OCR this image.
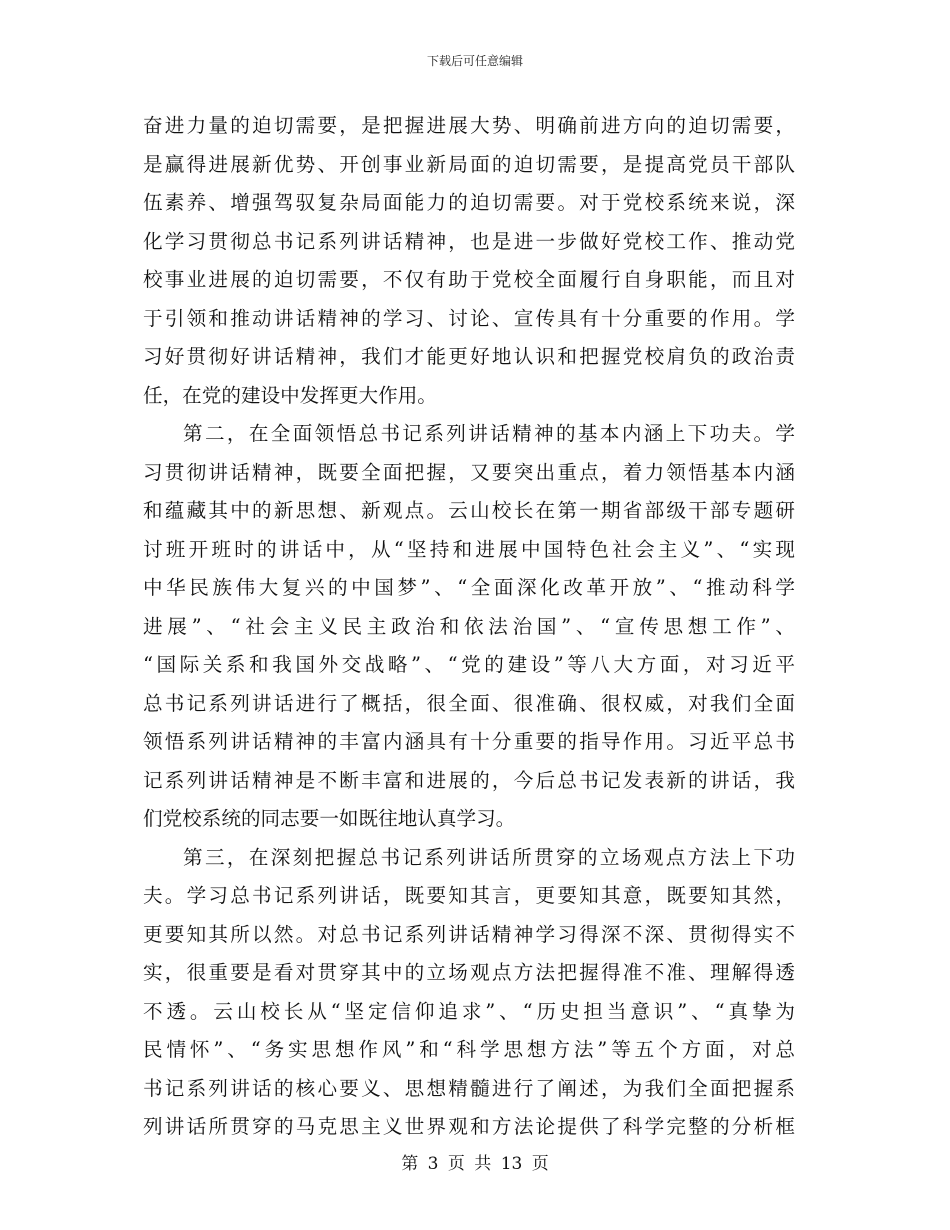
下载后可任意编辑
奋进力量的迫切需要，是把握进展大势、明确前进方向的迫切需要，
是赢得进展新优势、开创事业新局面的迫切需要，是提高党员干部队
伍素养、增强驾驭复杂局面能力的迫切需要。对于党校系统来说，深
化学习贯彻总书记系列讲话精神，也是进一步做好党校工作、推动党
校事业进展的迫切需要，不仅有助于党校全面履行自身职能，而且对
于引领和推动讲话精神的学习、讨论、宣传具有十分重要的作用。学
习好贯彻好讲话精神，我们才能更好地认识和把握党校肩负的政治责
任，在党的建设中发挥更大作用。
第二，在全面领悟总书记系列讲话精神的基本内涵上下功夫。学
习贯彻讲话精神，既要全面把握，又要突出重点，着力领悟基本内涵
和蕴藏其中的新思想、新观点。云山校长在第一期省部级干部专题研
讨班开班时的讲话中，从“坚持和进展中国特色社会主义”、“实现
中华民族伟大复兴的中国梦”、“全面深化改革开放”、“推动科学
进展”、“社会主义民主政治和依法治国”、“宣传思想工作”、
“国际关系和我国外交战略”、“党的建设”等八大方面，对习近平
总书记系列讲话进行了概括，很全面、很准确、很权威，对我们全面
领悟系列讲话精神的丰富内涵具有十分重要的指导作用。习近平总书
记系列讲话精神是不断丰富和进展的，今后总书记发表新的讲话，我
们党校系统的同志要一如既往地认真学习。
第三，在深刻把握总书记系列讲话所贯穿的立场观点方法上下功
夫。学习总书记系列讲话，既要知其言，更要知其意，既要知其然，
更要知其所以然。对总书记系列讲话精神学习得深不深、贯彻得实不
实，很重要是看对贯穿其中的立场观点方法把握得准不准、理解得透
不透。云山校长从“坚定信仰追求”、“历史担当意识”、“真挚为
民情怀”、“务实思想作风”和“科学思想方法”等五个方面，对总
书记系列讲话的核心要义、思想精髓进行了阐述，为我们全面把握系
列讲话所贯穿的马克思主义世界观和方法论提供了科学完整的分析框
第 3 页 共 13 页
